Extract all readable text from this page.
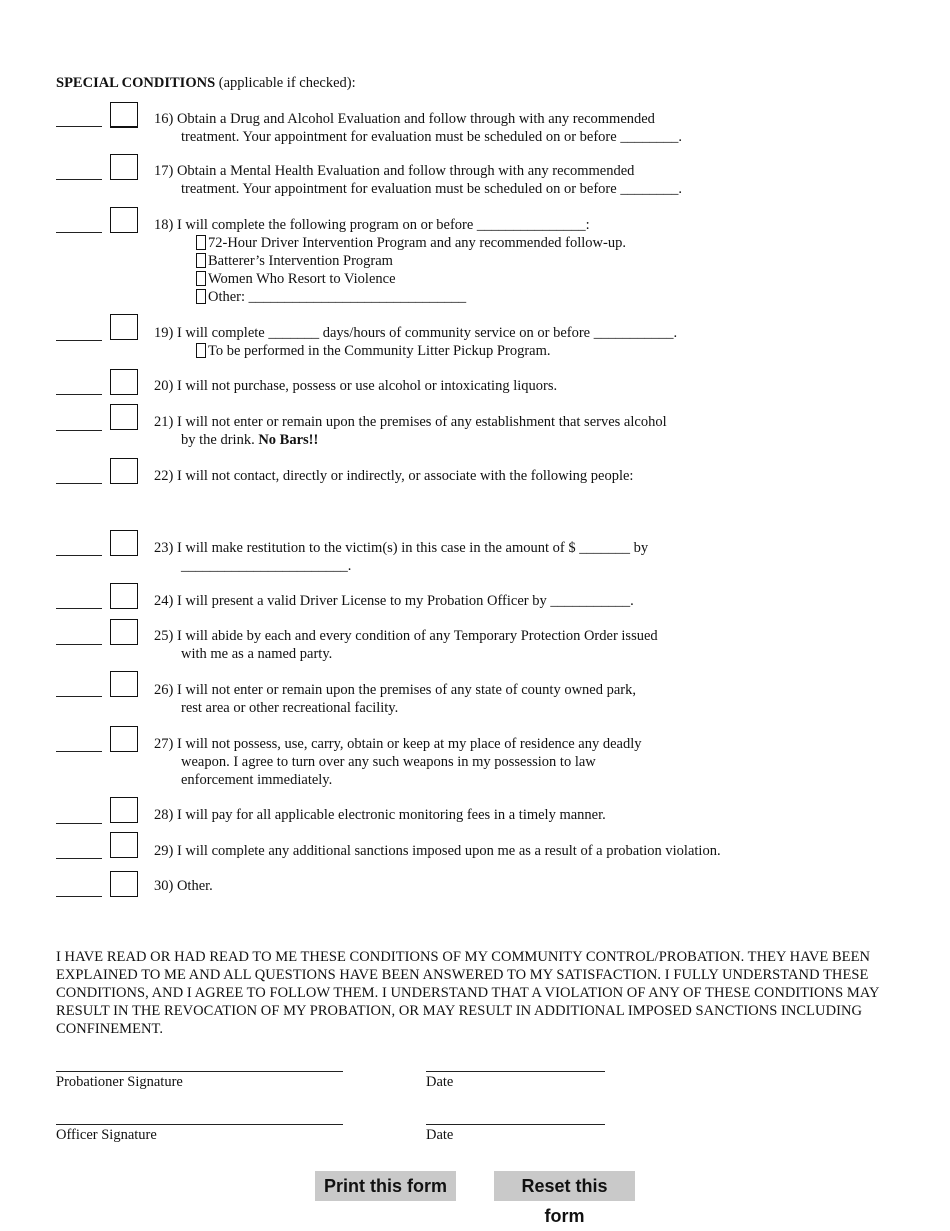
SPECIAL CONDITIONS (applicable if checked):
16) Obtain a Drug and Alcohol Evaluation and follow through with any recommended
treatment. Your appointment for evaluation must be scheduled on or before ________.
17) Obtain a Mental Health Evaluation and follow through with any recommended
treatment. Your appointment for evaluation must be scheduled on or before ________.
18) I will complete the following program on or before _______________:
72-Hour Driver Intervention Program and any recommended follow-up.
Batterer’s Intervention Program
Women Who Resort to Violence
Other: ______________________________
19) I will complete _______ days/hours of community service on or before ___________.
To be performed in the Community Litter Pickup Program.
20) I will not purchase, possess or use alcohol or intoxicating liquors.
21) I will not enter or remain upon the premises of any establishment that serves alcohol
by the drink. No Bars!!
22) I will not contact, directly or indirectly, or associate with the following people:
23) I will make restitution to the victim(s) in this case in the amount of $ _______ by
_______________________.
24) I will present a valid Driver License to my Probation Officer by ___________.
25) I will abide by each and every condition of any Temporary Protection Order issued
with me as a named party.
26) I will not enter or remain upon the premises of any state of county owned park,
rest area or other recreational facility.
27) I will not possess, use, carry, obtain or keep at my place of residence any deadly
weapon. I agree to turn over any such weapons in my possession to law
enforcement immediately.
28) I will pay for all applicable electronic monitoring fees in a timely manner.
29) I will complete any additional sanctions imposed upon me as a result of a probation violation.
30) Other.
I HAVE READ OR HAD READ TO ME THESE CONDITIONS OF MY COMMUNITY CONTROL/PROBATION. THEY HAVE BEEN EXPLAINED TO ME AND ALL QUESTIONS HAVE BEEN ANSWERED TO MY SATISFACTION. I FULLY UNDERSTAND THESE CONDITIONS, AND I AGREE TO FOLLOW THEM. I UNDERSTAND THAT A VIOLATION OF ANY OF THESE CONDITIONS MAY RESULT IN THE REVOCATION OF MY PROBATION, OR MAY RESULT IN ADDITIONAL IMPOSED SANCTIONS INCLUDING CONFINEMENT.
Probationer Signature	Date
Officer Signature	Date
Print this form	Reset this form
